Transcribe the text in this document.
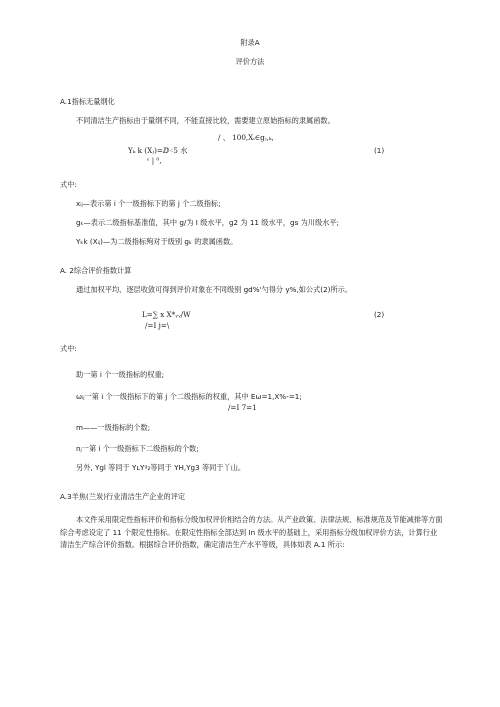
附录A
评价方法
A.1指标无量纲化
不同清洁生产指标由于量纲不同，不能直接比较，需要建立原始指标的隶属函数。
/ 、 100,Xᵢ∈gⱼ,ₖ,
Yₖ k (Xⱼ)=ⅅ⁖5 水
ᵋ | ⁰,
(1)
式中:
xᵢⱼ—表示第 i 个一级指标下的第 j 个二级指标;
gₖ—表示二级指标基准值，其中 g/为 I 级水平，g2 为 11 级水平，gs 为川级水平;
Yₖk (Xᵢⱼ)—为二级指标殉对于级别 gₖ 的隶属函数。
A. 2综合评价指数计算
通过加权平均、逐层收敛可得到评价对象在不同级别 gd%'勺得分 y%,如公式(2)所示。
L=∑ x X*ᵧᵧ/W
/=I j=\
(2)
式中:
助一第 i 个一级指标的权重;
ωᵢⱼ一第 i 个一级指标下的第 j 个二级指标的权重，其中 Eω=1,X%-=1;
/=I 7=1
m——一级指标的个数;
nⱼ一第 i 个一级指标下二级指标的个数;
另外, Ygl 等同于 YʟYᵍ₂等同于 YH,Yg3 等同于丫山。
A.3羊焦(兰炭)行业清洁生产企业的评定
本文件采用限定性指标评价和指标分级加权评价相结合的方法。从产业政策、法律法规、标准规范及节能减排等方面综合考虑设定了 11 个限定性指标。在限定性指标全部达到 In 级水平的基础上，采用指标分级加权评价方法，计算行业清洁生产综合评价指数。根据综合评价指数，确定清洁生产水平等级，具体如表 A.1 所示:
